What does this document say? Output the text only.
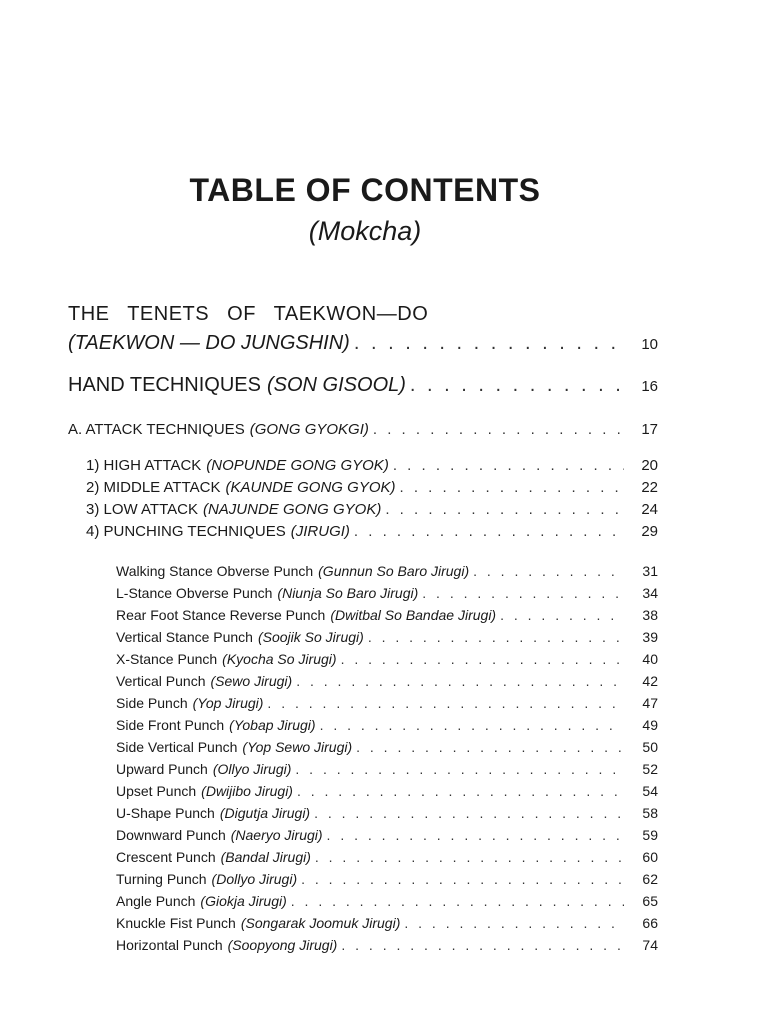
TABLE OF CONTENTS
(Mokcha)
THE TENETS OF TAEKWON—DO
(TAEKWON — DO JUNGSHIN) . . .	10
HAND TECHNIQUES (SON GISOOL) . . .	16
A. ATTACK TECHNIQUES (GONG GYOKGI) . . .	17
1) HIGH ATTACK (NOPUNDE GONG GYOK) . . .	20
2) MIDDLE ATTACK (KAUNDE GONG GYOK) . . .	22
3) LOW ATTACK (NAJUNDE GONG GYOK) . . .	24
4) PUNCHING TECHNIQUES (JIRUGI) . . .	29
Walking Stance Obverse Punch (Gunnun So Baro Jirugi) . . .	31
L-Stance Obverse Punch (Niunja So Baro Jirugi) . . .	34
Rear Foot Stance Reverse Punch (Dwitbal So Bandae Jirugi) . . .	38
Vertical Stance Punch (Soojik So Jirugi) . . .	39
X-Stance Punch (Kyocha So Jirugi) . . .	40
Vertical Punch (Sewo Jirugi) . . .	42
Side Punch (Yop Jirugi) . . .	47
Side Front Punch (Yobap Jirugi) . . .	49
Side Vertical Punch (Yop Sewo Jirugi) . . .	50
Upward Punch (Ollyo Jirugi) . . .	52
Upset Punch (Dwijibo Jirugi) . . .	54
U-Shape Punch (Digutja Jirugi) . . .	58
Downward Punch (Naeryo Jirugi) . . .	59
Crescent Punch (Bandal Jirugi) . . .	60
Turning Punch (Dollyo Jirugi) . . .	62
Angle Punch (Giokja Jirugi) . . .	65
Knuckle Fist Punch (Songarak Joomuk Jirugi) . . .	66
Horizontal Punch (Soopyong Jirugi) . . .	74
